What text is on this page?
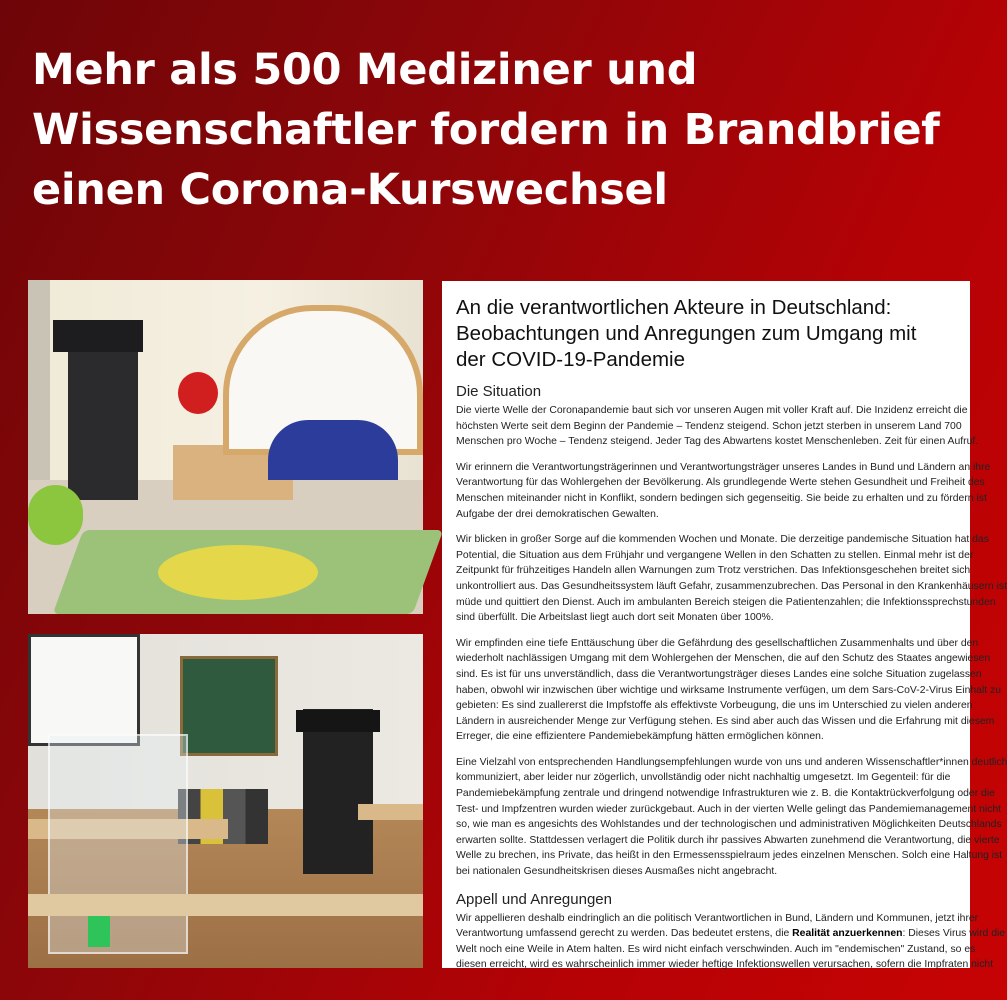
Mehr als 500 Mediziner und
Wissenschaftler fordern in Brandbrief
einen Corona-Kurswechsel
An die verantwortlichen Akteure in Deutschland:
Beobachtungen und Anregungen zum Umgang mit
der COVID-19-Pandemie
Die Situation
Die vierte Welle der Coronapandemie baut sich vor unseren Augen mit voller Kraft auf. Die Inzidenz erreicht die
höchsten Werte seit dem Beginn der Pandemie – Tendenz steigend. Schon jetzt sterben in unserem Land 700
Menschen pro Woche – Tendenz steigend. Jeder Tag des Abwartens kostet Menschenleben. Zeit für einen Aufruf.
Wir erinnern die Verantwortungsträgerinnen und Verantwortungsträger unseres Landes in Bund und Ländern an ihre
Verantwortung für das Wohlergehen der Bevölkerung. Als grundlegende Werte stehen Gesundheit und Freiheit des
Menschen miteinander nicht in Konflikt, sondern bedingen sich gegenseitig. Sie beide zu erhalten und zu fördern ist
Aufgabe der drei demokratischen Gewalten.
Wir blicken in großer Sorge auf die kommenden Wochen und Monate. Die derzeitige pandemische Situation hat das
Potential, die Situation aus dem Frühjahr und vergangene Wellen in den Schatten zu stellen. Einmal mehr ist der
Zeitpunkt für frühzeitiges Handeln allen Warnungen zum Trotz verstrichen. Das Infektionsgeschehen breitet sich
unkontrolliert aus. Das Gesundheitssystem läuft Gefahr, zusammenzubrechen. Das Personal in den Krankenhäusern ist
müde und quittiert den Dienst. Auch im ambulanten Bereich steigen die Patientenzahlen; die Infektionssprechstunden
sind überfüllt. Die Arbeitslast liegt auch dort seit Monaten über 100%.
Wir empfinden eine tiefe Enttäuschung über die Gefährdung des gesellschaftlichen Zusammenhalts und über den
wiederholt nachlässigen Umgang mit dem Wohlergehen der Menschen, die auf den Schutz des Staates angewiesen
sind. Es ist für uns unverständlich, dass die Verantwortungsträger dieses Landes eine solche Situation zugelassen
haben, obwohl wir inzwischen über wichtige und wirksame Instrumente verfügen, um dem Sars-CoV-2-Virus Einhalt zu
gebieten: Es sind zuallererst die Impfstoffe als effektivste Vorbeugung, die uns im Unterschied zu vielen anderen
Ländern in ausreichender Menge zur Verfügung stehen. Es sind aber auch das Wissen und die Erfahrung mit diesem
Erreger, die eine effizientere Pandemiebekämpfung hätten ermöglichen können.
Eine Vielzahl von entsprechenden Handlungsempfehlungen wurde von uns und anderen Wissenschaftler*innen deutlich
kommuniziert, aber leider nur zögerlich, unvollständig oder nicht nachhaltig umgesetzt. Im Gegenteil: für die
Pandemiebekämpfung zentrale und dringend notwendige Infrastrukturen wie z. B. die Kontaktrückverfolgung oder die
Test- und Impfzentren wurden wieder zurückgebaut. Auch in der vierten Welle gelingt das Pandemiemanagement nicht
so, wie man es angesichts des Wohlstandes und der technologischen und administrativen Möglichkeiten Deutschlands
erwarten sollte. Stattdessen verlagert die Politik durch ihr passives Abwarten zunehmend die Verantwortung, die vierte
Welle zu brechen, ins Private, das heißt in den Ermessensspielraum jedes einzelnen Menschen. Solch eine Haltung ist
bei nationalen Gesundheitskrisen dieses Ausmaßes nicht angebracht.
Appell und Anregungen
Wir appellieren deshalb eindringlich an die politisch Verantwortlichen in Bund, Ländern und Kommunen, jetzt ihrer
Verantwortung umfassend gerecht zu werden. Das bedeutet erstens, die Realität anzuerkennen: Dieses Virus wird die
Welt noch eine Weile in Atem halten. Es wird nicht einfach verschwinden. Auch im "endemischen" Zustand, so es
diesen erreicht, wird es wahrscheinlich immer wieder heftige Infektionswellen verursachen, sofern die Impfraten nicht
